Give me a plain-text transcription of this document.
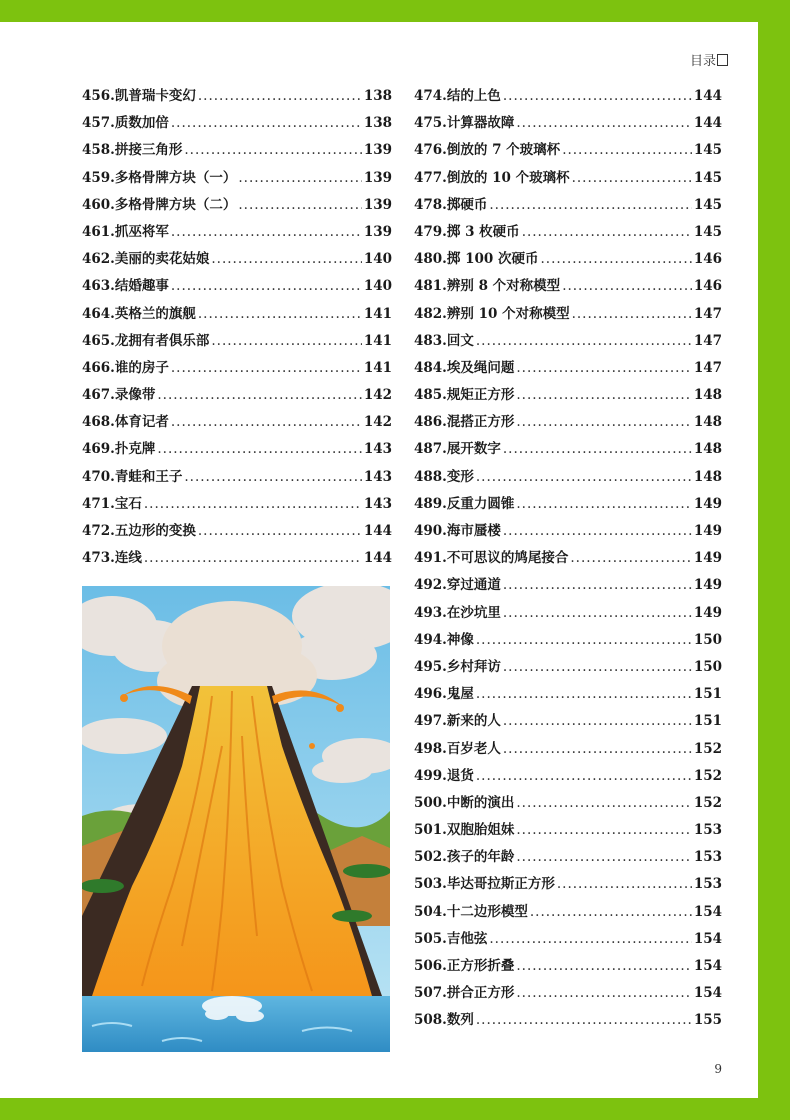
目录
456. 凯普瑞卡变幻 .....	138
457. 质数加倍 .....	138
458. 拼接三角形 .....	139
459. 多格骨牌方块（一） .....	139
460. 多格骨牌方块（二） .....	139
461. 抓巫将军 .....	139
462. 美丽的卖花姑娘 .....	140
463. 结婚趣事 .....	140
464. 英格兰的旗舰 .....	141
465. 龙拥有者俱乐部 .....	141
466. 谁的房子 .....	141
467. 录像带 .....	142
468. 体育记者 .....	142
469. 扑克牌 .....	143
470. 青蛙和王子 .....	143
471. 宝石 .....	143
472. 五边形的变换 .....	144
473. 连线 .....	144
474. 结的上色 .....	144
475. 计算器故障 .....	144
476. 倒放的 7 个玻璃杯 .....	145
477. 倒放的 10 个玻璃杯 .....	145
478. 掷硬币 .....	145
479. 掷 3 枚硬币 .....	145
480. 掷 100 次硬币 .....	146
481. 辨别 8 个对称模型 .....	146
482. 辨别 10 个对称模型 .....	147
483. 回文 .....	147
484. 埃及绳问题 .....	147
485. 规矩正方形 .....	148
486. 混搭正方形 .....	148
487. 展开数字 .....	148
488. 变形 .....	148
489. 反重力圆锥 .....	149
490. 海市蜃楼 .....	149
491. 不可思议的鸠尾接合 .....	149
492. 穿过通道 .....	149
493. 在沙坑里 .....	149
494. 神像 .....	150
495. 乡村拜访 .....	150
496. 鬼屋 .....	151
497. 新来的人 .....	151
498. 百岁老人 .....	152
499. 退货 .....	152
500. 中断的演出 .....	152
501. 双胞胎姐妹 .....	153
502. 孩子的年龄 .....	153
503. 毕达哥拉斯正方形 .....	153
504. 十二边形模型 .....	154
505. 吉他弦 .....	154
506. 正方形折叠 .....	154
507. 拼合正方形 .....	154
508. 数列 .....	155
9
